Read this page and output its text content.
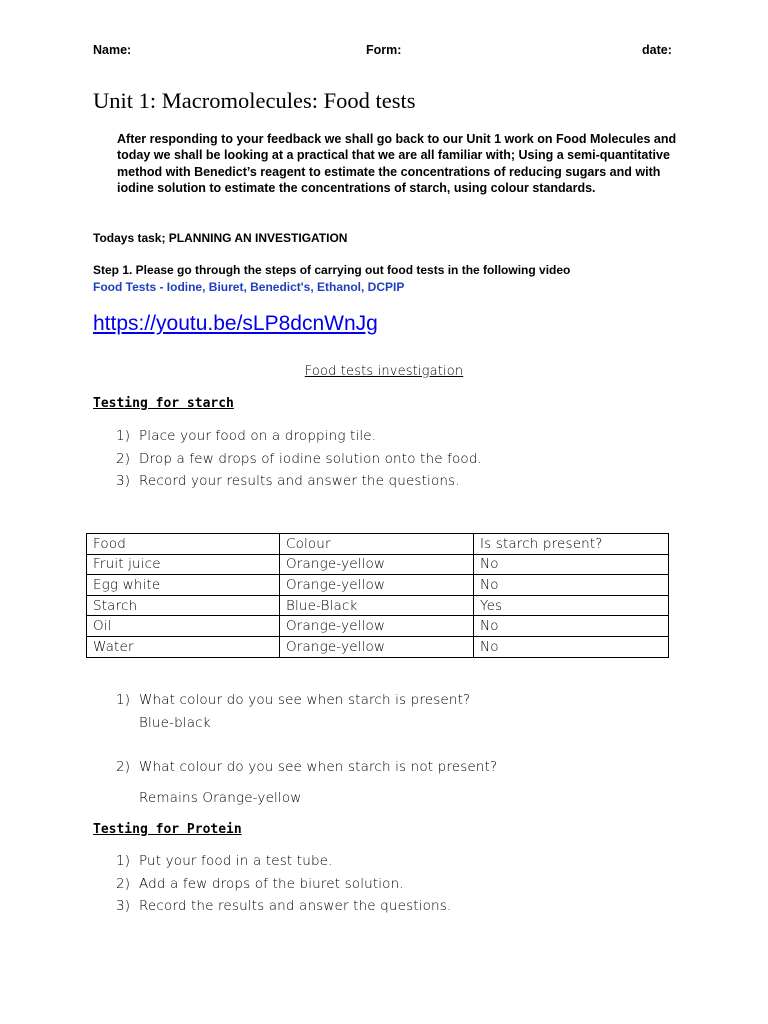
Name:	Form:	date:
Unit 1: Macromolecules: Food tests
After responding to your feedback we shall go back to our Unit 1 work on Food Molecules and today we shall be looking at a practical that we are all familiar with; Using a semi-quantitative method with Benedict’s reagent to estimate the concentrations of reducing sugars and with iodine solution to estimate the concentrations of starch, using colour standards.
Todays task; PLANNING AN INVESTIGATION
Step 1. Please go through the steps of carrying out food tests in the following video
Food Tests - Iodine, Biuret, Benedict's, Ethanol, DCPIP
https://youtu.be/sLP8dcnWnJg
Food tests investigation
Testing for starch
1) Place your food on a dropping tile.
2) Drop a few drops of iodine solution onto the food.
3) Record your results and answer the questions.
Food	Colour	Is starch present?
Fruit juice	Orange-yellow	No
Egg white	Orange-yellow	No
Starch	Blue-Black	Yes
Oil	Orange-yellow	No
Water	Orange-yellow	No
1) What colour do you see when starch is present?
Blue-black
2) What colour do you see when starch is not present?
Remains Orange-yellow
Testing for Protein
1) Put your food in a test tube.
2) Add a few drops of the biuret solution.
3) Record the results and answer the questions.
